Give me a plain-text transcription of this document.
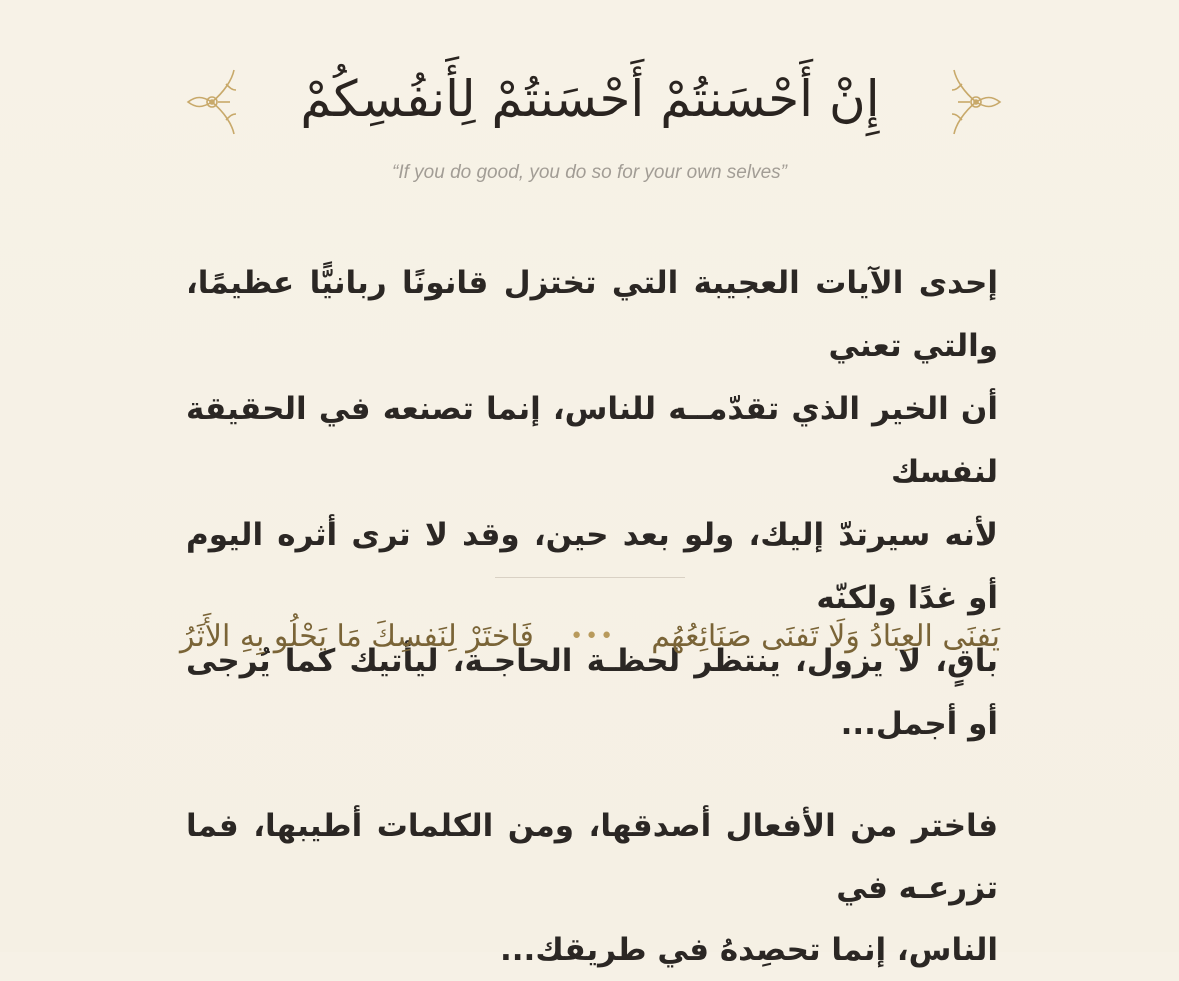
إِنْ أَحْسَنتُمْ أَحْسَنتُمْ لِأَنفُسِكُمْ
“If you do good, you do so for your own selves”
إحدى الآيات العجيبة التي تختزل قانونًا ربانيًّا عظيمًا، والتي تعني
أن الخير الذي تقدّمــه للناس، إنما تصنعه في الحقيقة لنفسك
لأنه سيرتدّ إليك، ولو بعد حين، وقد لا ترى أثره اليوم أو غدًا ولكنّه
باقٍ، لا يزول، ينتظر لحظـة الحاجـة، ليأتيك كما يُرجى أو أجمل...
يَفنَى العِبَادُ وَلَا تَفنَى صَنَائِعُهُم
•••
فَاختَرْ لِنَفسِكَ مَا يَحْلُو بِهِ الأَثَرُ
فاختر من الأفعال أصدقها، ومن الكلمات أطيبها، فما تزرعـه في
الناس، إنما تحصِدهُ في طريقك...
